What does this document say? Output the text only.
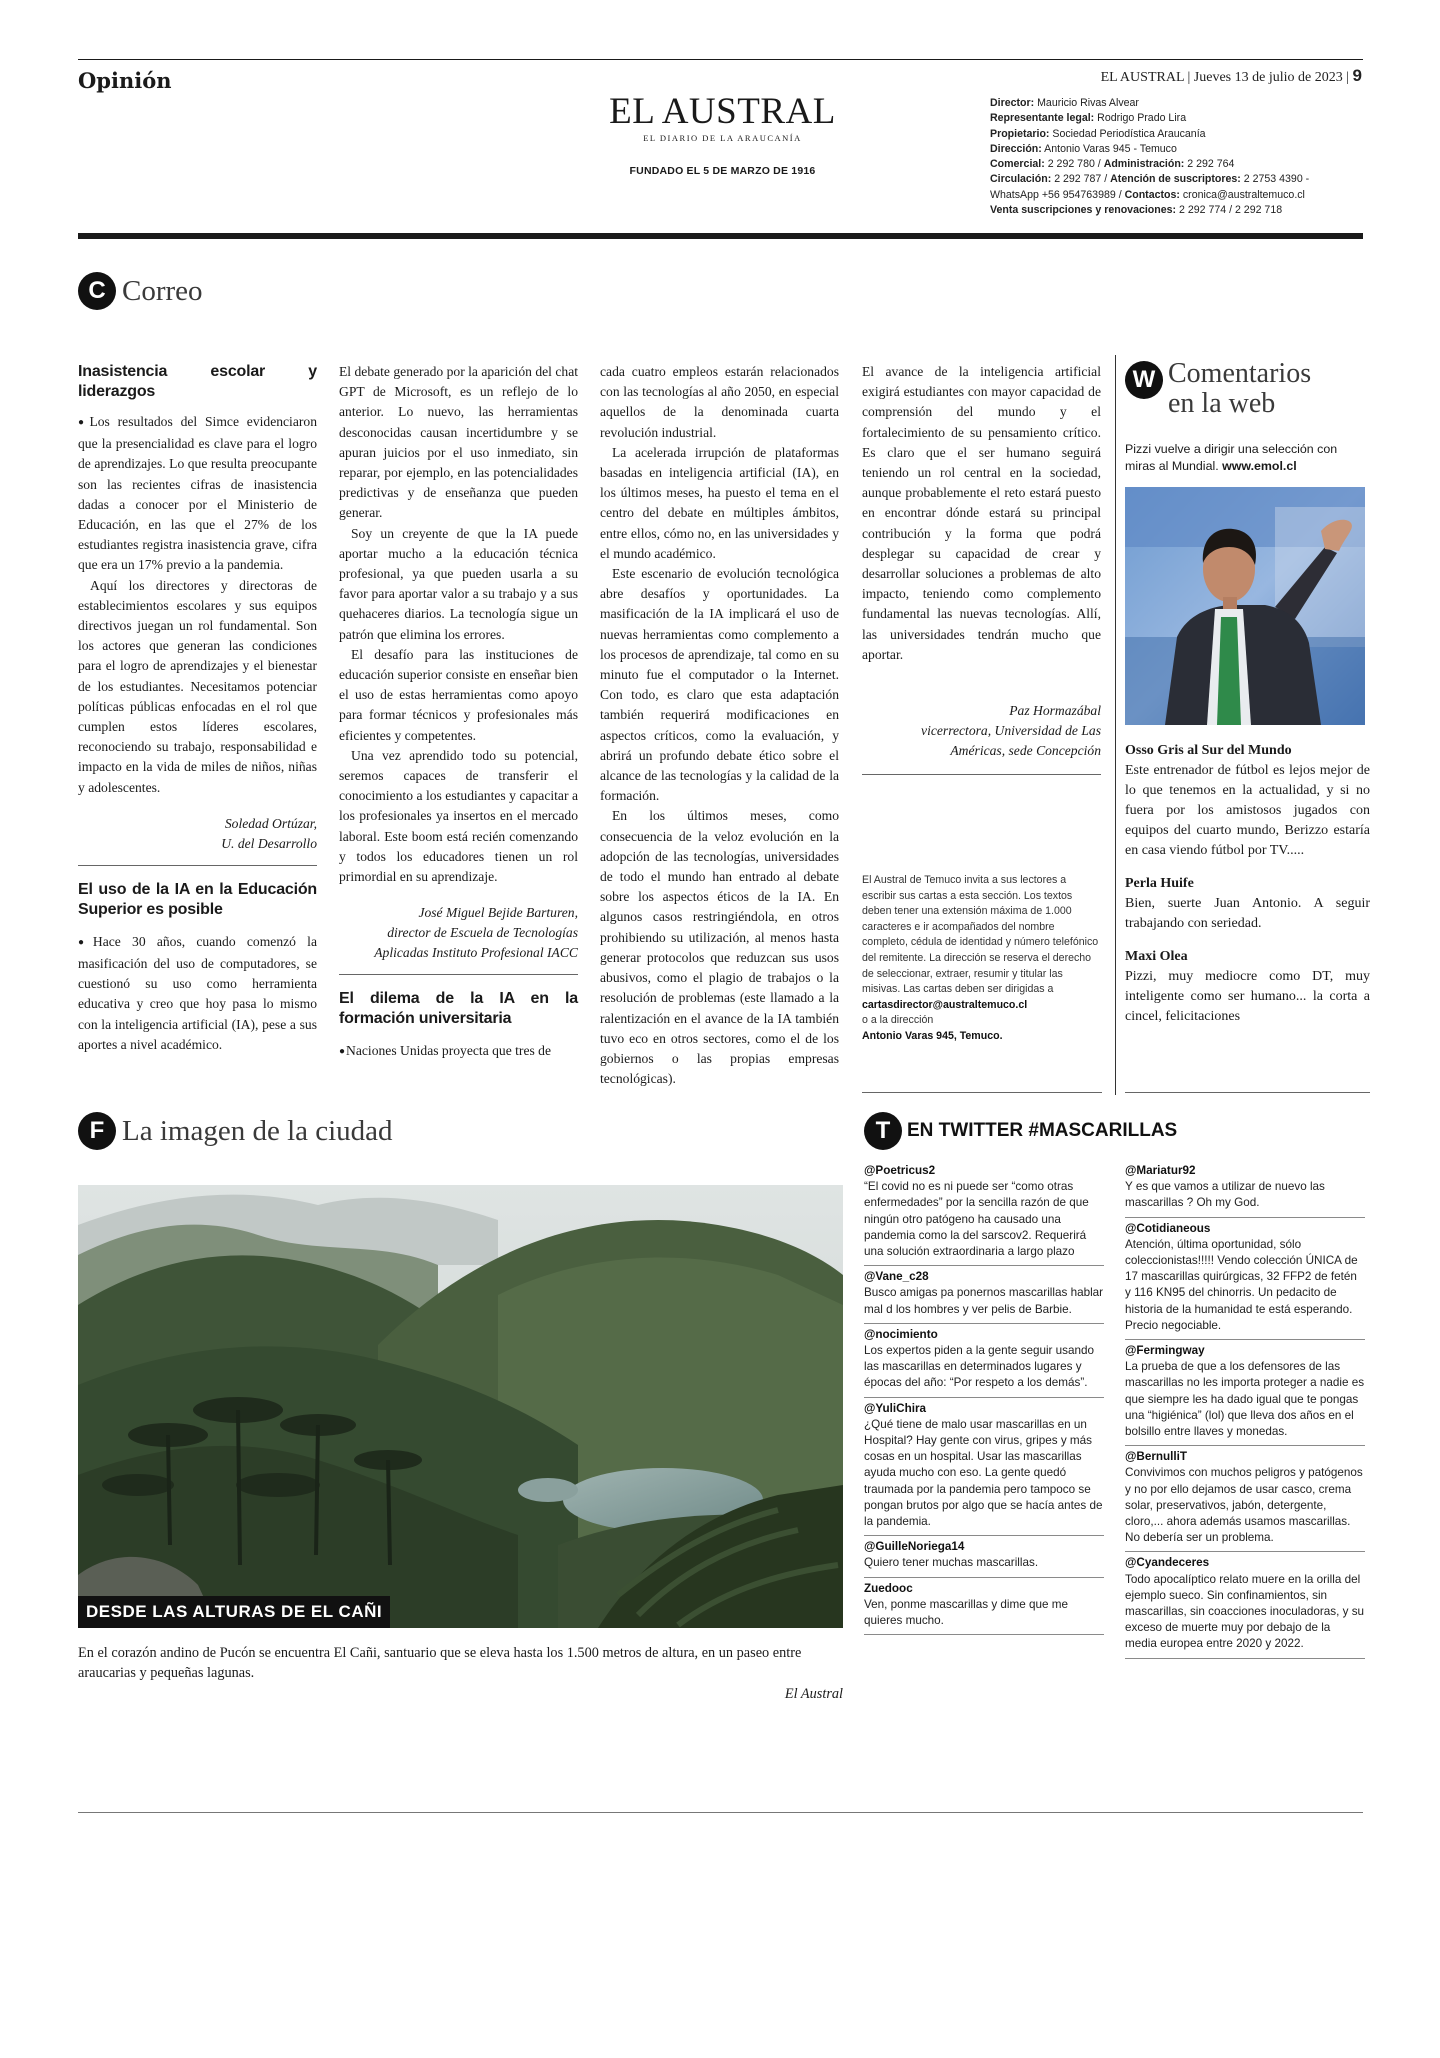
Opinión	EL AUSTRAL | Jueves 13 de julio de 2023 | 9
EL AUSTRAL
EL DIARIO DE LA ARAUCANÍA
FUNDADO EL 5 DE MARZO DE 1916
Director: Mauricio Rivas Alvear
Representante legal: Rodrigo Prado Lira
Propietario: Sociedad Periodística Araucanía
Dirección: Antonio Varas 945 - Temuco
Comercial: 2 292 780 / Administración: 2 292 764
Circulación: 2 292 787 / Atención de suscriptores: 2 2753 4390 -
WhatsApp +56 954763989 / Contactos: cronica@australtemuco.cl
Venta suscripciones y renovaciones: 2 292 774 / 2 292 718
C Correo
Inasistencia escolar y liderazgos

● Los resultados del Simce evidenciaron que la presencialidad es clave para el logro de aprendizajes. Lo que resulta preocupante son las recientes cifras de inasistencia dadas a conocer por el Ministerio de Educación, en las que el 27% de los estudiantes registra inasistencia grave, cifra que era un 17% previo a la pandemia.

Aquí los directores y directoras de establecimientos escolares y sus equipos directivos juegan un rol fundamental. Son los actores que generan las condiciones para el logro de aprendizajes y el bienestar de los estudiantes. Necesitamos potenciar políticas públicas enfocadas en el rol que cumplen estos líderes escolares, reconociendo su trabajo, responsabilidad e impacto en la vida de miles de niños, niñas y adolescentes.

Soledad Ortúzar,
U. del Desarrollo
El uso de la IA en la Educación Superior es posible

● Hace 30 años, cuando comenzó la masificación del uso de computadores, se cuestionó su uso como herramienta educativa y creo que hoy pasa lo mismo con la inteligencia artificial (IA), pese a sus aportes a nivel académico.

El debate generado por la aparición del chat GPT de Microsoft, es un reflejo de lo anterior. Lo nuevo, las herramientas desconocidas causan incertidumbre y se apuran juicios por el uso inmediato, sin reparar, por ejemplo, en las potencialidades predictivas y de enseñanza que pueden generar.

Soy un creyente de que la IA puede aportar mucho a la educación técnica profesional, ya que pueden usarla a su favor para aportar valor a su trabajo y a sus quehaceres diarios. La tecnología sigue un patrón que elimina los errores.

El desafío para las instituciones de educación superior consiste en enseñar bien el uso de estas herramientas como apoyo para formar técnicos y profesionales más eficientes y competentes.

Una vez aprendido todo su potencial, seremos capaces de transferir el conocimiento a los estudiantes y capacitar a los profesionales ya insertos en el mercado laboral. Este boom está recién comenzando y todos los educadores tienen un rol primordial en su aprendizaje.

José Miguel Bejide Barturen,
director de Escuela de Tecnologías
Aplicadas Instituto Profesional IACC
El dilema de la IA en la formación universitaria

● Naciones Unidas proyecta que tres de

cada cuatro empleos estarán relacionados con las tecnologías al año 2050, en especial aquellos de la denominada cuarta revolución industrial.

La acelerada irrupción de plataformas basadas en inteligencia artificial (IA), en los últimos meses, ha puesto el tema en el centro del debate en múltiples ámbitos, entre ellos, cómo no, en las universidades y el mundo académico.

Este escenario de evolución tecnológica abre desafíos y oportunidades. La masificación de la IA implicará el uso de nuevas herramientas como complemento a los procesos de aprendizaje, tal como en su minuto fue el computador o la Internet. Con todo, es claro que esta adaptación también requerirá modificaciones en aspectos críticos, como la evaluación, y abrirá un profundo debate ético sobre el alcance de las tecnologías y la calidad de la formación.

En los últimos meses, como consecuencia de la veloz evolución en la adopción de las tecnologías, universidades de todo el mundo han entrado al debate sobre los aspectos éticos de la IA. En algunos casos restringiéndola, en otros prohibiendo su utilización, al menos hasta generar protocolos que reduzcan sus usos abusivos, como el plagio de trabajos o la resolución de problemas (este llamado a la ralentización en el avance de la IA también tuvo eco en otros sectores, como el de los gobiernos o las propias empresas tecnológicas).

El avance de la inteligencia artificial exigirá estudiantes con mayor capacidad de comprensión del mundo y el fortalecimiento de su pensamiento crítico. Es claro que el ser humano seguirá teniendo un rol central en la sociedad, aunque probablemente el reto estará puesto en encontrar dónde estará su principal contribución y la forma que podrá desplegar su capacidad de crear y desarrollar soluciones a problemas de alto impacto, teniendo como complemento fundamental las nuevas tecnologías. Allí, las universidades tendrán mucho que aportar.

Paz Hormazábal
vicerrectora, Universidad de Las
Américas, sede Concepción
El Austral de Temuco invita a sus lectores a escribir sus cartas a esta sección. Los textos deben tener una extensión máxima de 1.000 caracteres e ir acompañados del nombre completo, cédula de identidad y número telefónico del remitente. La dirección se reserva el derecho de seleccionar, extraer, resumir y titular las misivas. Las cartas deben ser dirigidas a
cartasdirector@australtemuco.cl
o a la dirección
Antonio Varas 945, Temuco.
W Comentarios
en la web
Pizzi vuelve a dirigir una selección con miras al Mundial. www.emol.cl
Osso Gris al Sur del Mundo
Este entrenador de fútbol es lejos mejor de lo que tenemos en la actualidad, y si no fuera por los amistosos jugados con equipos del cuarto mundo, Berizzo estaría en casa viendo fútbol por TV.....
Perla Huife
Bien, suerte Juan Antonio. A seguir trabajando con seriedad.
Maxi Olea
Pizzi, muy mediocre como DT, muy inteligente como ser humano... la corta a cincel, felicitaciones
F La imagen de la ciudad
DESDE LAS ALTURAS DE EL CAÑI
En el corazón andino de Pucón se encuentra El Cañi, santuario que se eleva hasta los 1.500 metros de altura, en un paseo entre araucarias y pequeñas lagunas.
El Austral
T EN TWITTER #MASCARILLAS
@Poetricus2
“El covid no es ni puede ser “como otras enfermedades” por la sencilla razón de que ningún otro patógeno ha causado una pandemia como la del sarscov2. Requerirá una solución extraordinaria a largo plazo
@Vane_c28
Busco amigas pa ponernos mascarillas hablar mal d los hombres y ver pelis de Barbie.
@nocimiento
Los expertos piden a la gente seguir usando las mascarillas en determinados lugares y épocas del año: “Por respeto a los demás”.
@YuliChira
¿Qué tiene de malo usar mascarillas en un Hospital? Hay gente con virus, gripes y más cosas en un hospital. Usar las mascarillas ayuda mucho con eso. La gente quedó traumada por la pandemia pero tampoco se pongan brutos por algo que se hacía antes de la pandemia.
@GuilleNoriega14
Quiero tener muchas mascarillas.
Zuedooc
Ven, ponme mascarillas y dime que me quieres mucho.
@Mariatur92
Y es que vamos a utilizar de nuevo las mascarillas ? Oh my God.
@Cotidianeous
Atención, última oportunidad, sólo coleccionistas!!!!! Vendo colección ÚNICA de 17 mascarillas quirúrgicas, 32 FFP2 de fetén y 116 KN95 del chinorris. Un pedacito de historia de la humanidad te está esperando. Precio negociable.
@Fermingway
La prueba de que a los defensores de las mascarillas no les importa proteger a nadie es que siempre les ha dado igual que te pongas una “higiénica” (lol) que lleva dos años en el bolsillo entre llaves y monedas.
@BernulliT
Convivimos con muchos peligros y patógenos y no por ello dejamos de usar casco, crema solar, preservativos, jabón, detergente, cloro,... ahora además usamos mascarillas. No debería ser un problema.
@Cyandeceres
Todo apocalíptico relato muere en la orilla del ejemplo sueco. Sin confinamientos, sin mascarillas, sin coacciones inoculadoras, y su exceso de muerte muy por debajo de la media europea entre 2020 y 2022.
